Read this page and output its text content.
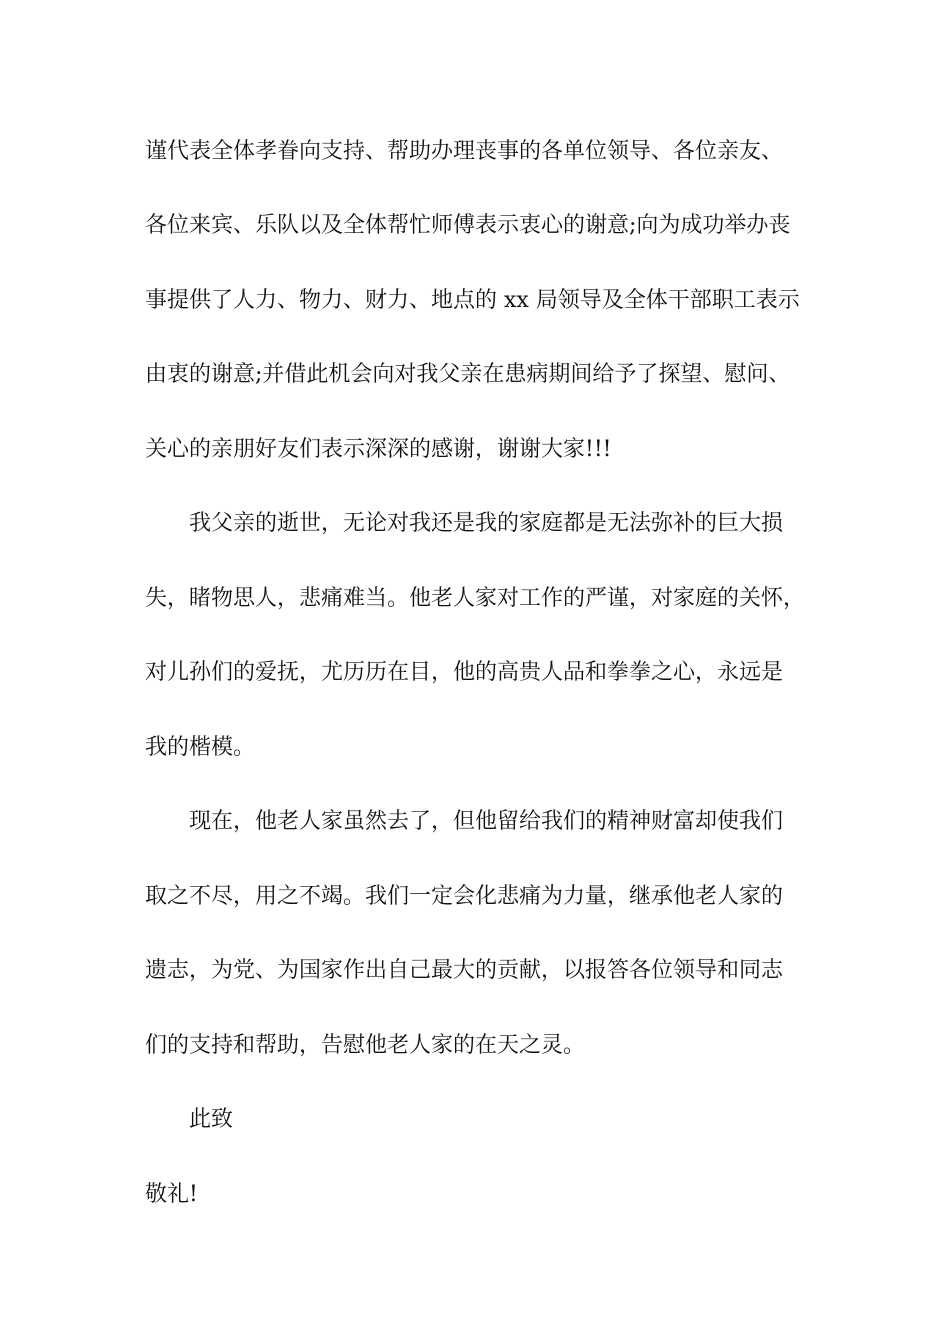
谨代表全体孝眷向支持、帮助办理丧事的各单位领导、各位亲友、
各位来宾、乐队以及全体帮忙师傅表示衷心的谢意;向为成功举办丧
事提供了人力、物力、财力、地点的 xx 局领导及全体干部职工表示
由衷的谢意;并借此机会向对我父亲在患病期间给予了探望、慰问、
关心的亲朋好友们表示深深的感谢，谢谢大家!!!
我父亲的逝世，无论对我还是我的家庭都是无法弥补的巨大损
失，睹物思人，悲痛难当。他老人家对工作的严谨，对家庭的关怀，
对儿孙们的爱抚，尤历历在目，他的高贵人品和拳拳之心，永远是
我的楷模。
现在，他老人家虽然去了，但他留给我们的精神财富却使我们
取之不尽，用之不竭。我们一定会化悲痛为力量，继承他老人家的
遗志，为党、为国家作出自己最大的贡献，以报答各位领导和同志
们的支持和帮助，告慰他老人家的在天之灵。
此致
敬礼!
